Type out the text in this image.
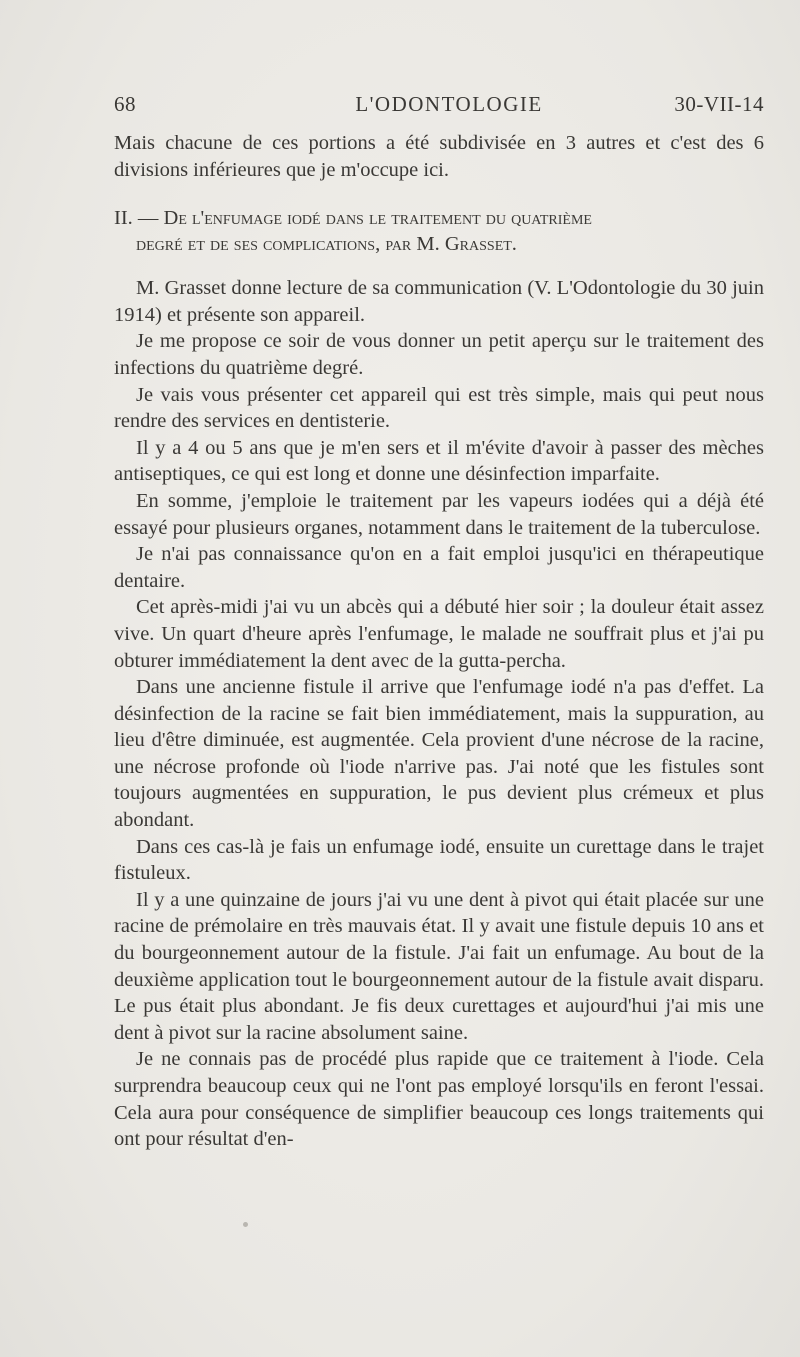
68	L'ODONTOLOGIE	30-VII-14

Mais chacune de ces portions a été subdivisée en 3 autres et c'est des 6 divisions inférieures que je m'occupe ici.

II. — De l'enfumage iodé dans le traitement du quatrième
degré et de ses complications, par M. Grasset.

M. Grasset donne lecture de sa communication (V. L'Odontologie du 30 juin 1914) et présente son appareil.

Je me propose ce soir de vous donner un petit aperçu sur le traitement des infections du quatrième degré.

Je vais vous présenter cet appareil qui est très simple, mais qui peut nous rendre des services en dentisterie.

Il y a 4 ou 5 ans que je m'en sers et il m'évite d'avoir à passer des mèches antiseptiques, ce qui est long et donne une désinfection imparfaite.

En somme, j'emploie le traitement par les vapeurs iodées qui a déjà été essayé pour plusieurs organes, notamment dans le traitement de la tuberculose.

Je n'ai pas connaissance qu'on en a fait emploi jusqu'ici en thérapeutique dentaire.

Cet après-midi j'ai vu un abcès qui a débuté hier soir ; la douleur était assez vive. Un quart d'heure après l'enfumage, le malade ne souffrait plus et j'ai pu obturer immédiatement la dent avec de la gutta-percha.

Dans une ancienne fistule il arrive que l'enfumage iodé n'a pas d'effet. La désinfection de la racine se fait bien immédiatement, mais la suppuration, au lieu d'être diminuée, est augmentée. Cela provient d'une nécrose de la racine, une nécrose profonde où l'iode n'arrive pas. J'ai noté que les fistules sont toujours augmentées en suppuration, le pus devient plus crémeux et plus abondant.

Dans ces cas-là je fais un enfumage iodé, ensuite un curettage dans le trajet fistuleux.

Il y a une quinzaine de jours j'ai vu une dent à pivot qui était placée sur une racine de prémolaire en très mauvais état. Il y avait une fistule depuis 10 ans et du bourgeonnement autour de la fistule. J'ai fait un enfumage. Au bout de la deuxième application tout le bourgeonnement autour de la fistule avait disparu. Le pus était plus abondant. Je fis deux curettages et aujourd'hui j'ai mis une dent à pivot sur la racine absolument saine.

Je ne connais pas de procédé plus rapide que ce traitement à l'iode. Cela surprendra beaucoup ceux qui ne l'ont pas employé lorsqu'ils en feront l'essai. Cela aura pour conséquence de simplifier beaucoup ces longs traitements qui ont pour résultat d'en-
